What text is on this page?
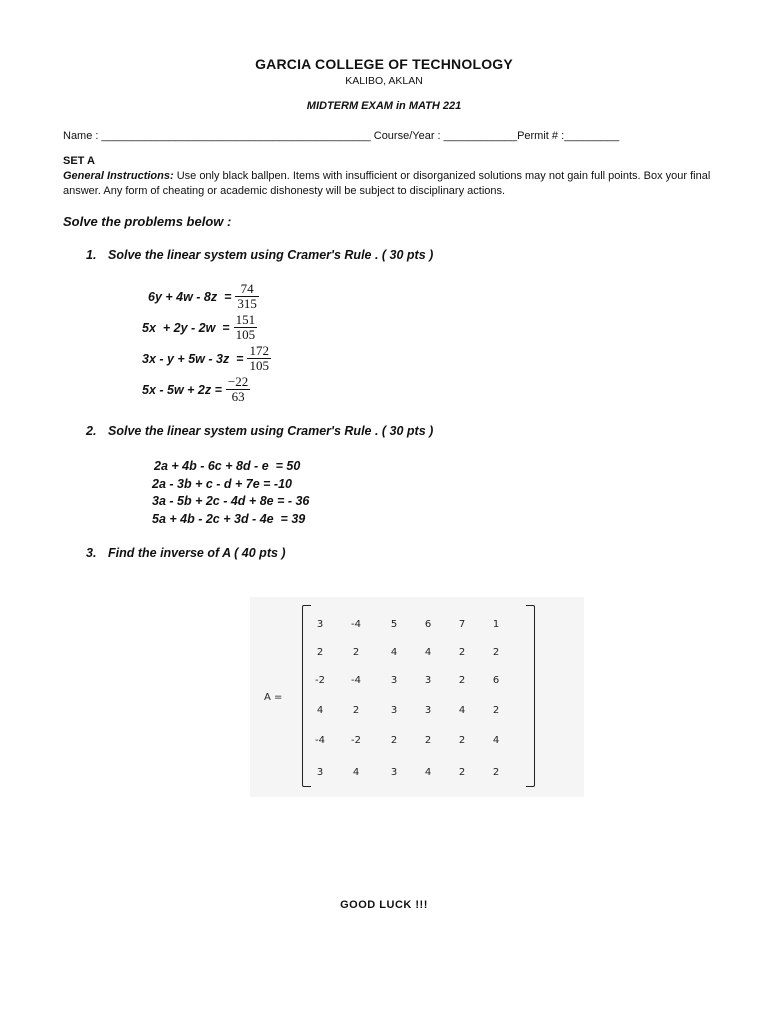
GARCIA COLLEGE OF TECHNOLOGY
KALIBO, AKLAN
MIDTERM EXAM in MATH 221
Name : ____________________________________________ Course/Year : ____________Permit # :_________
SET A
General Instructions: Use only black ballpen. Items with insufficient or disorganized solutions may not gain full points. Box your final answer. Any form of cheating or academic dishonesty will be subject to disciplinary actions.
Solve the problems below :
1. Solve the linear system using Cramer's Rule . ( 30 pts )
$6y + 4w - 8z = \frac{74}{315}$
$5x + 2y - 2w = \frac{151}{105}$
$3x - y + 5w - 3z = \frac{172}{105}$
$5x - 5w + 2z = \frac{-22}{63}$
2. Solve the linear system using Cramer's Rule . ( 30 pts )
2a + 4b - 6c + 8d - e  = 50
2a - 3b + c - d + 7e = -10
3a - 5b + 2c - 4d + 8e = - 36
5a + 4b - 2c + 3d - 4e  = 39
3. Find the inverse of A ( 40 pts )
A =
3	-4	5	6	7	1
2	2	4	4	2	2
-2	-4	3	3	2	6
4	2	3	3	4	2
-4	-2	2	2	2	4
3	4	3	4	2	2
GOOD LUCK !!!
